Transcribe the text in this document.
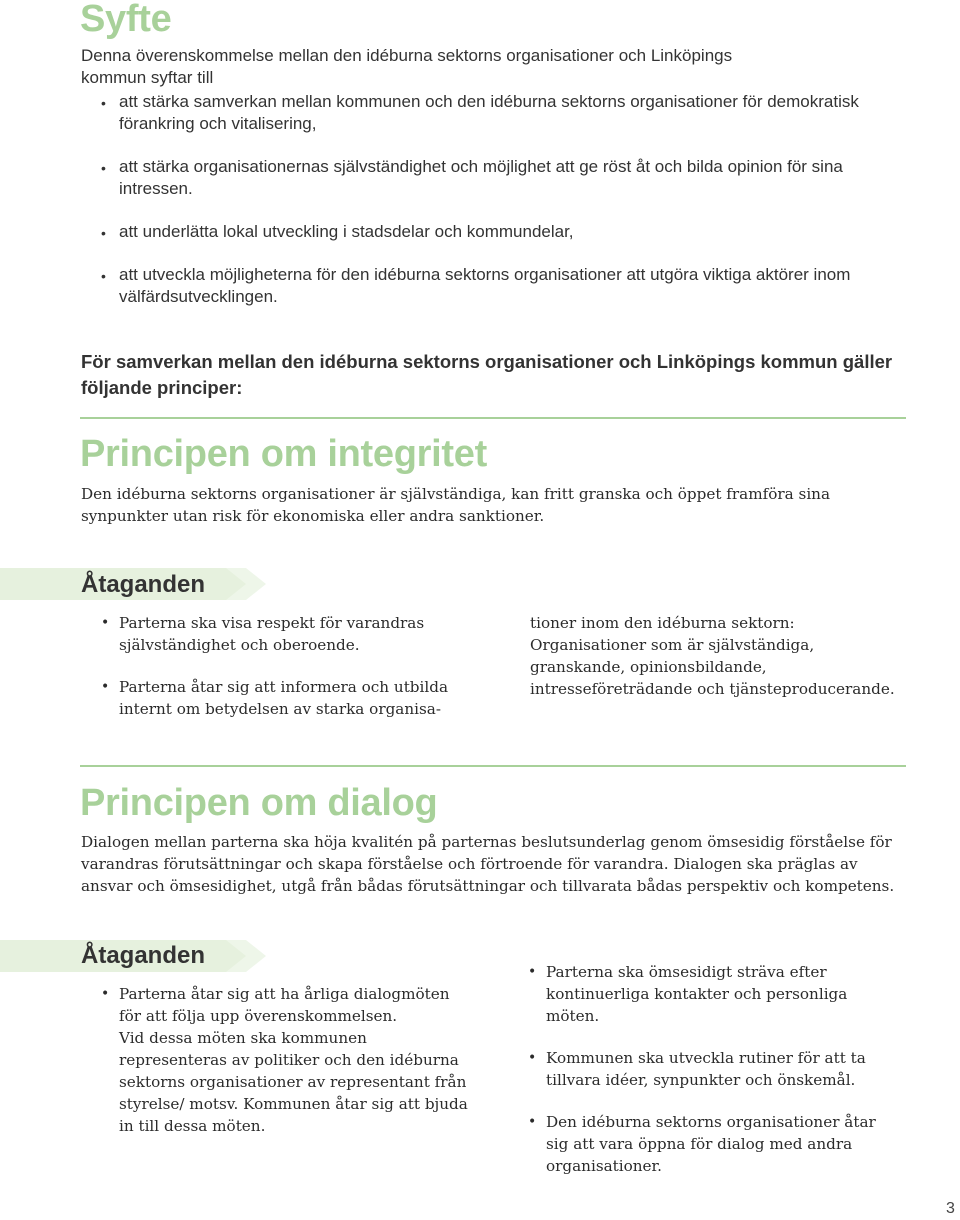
Syfte
Denna överenskommelse mellan den idéburna sektorns organisationer och Linköpings kommun syftar till
• att stärka samverkan mellan kommunen och den idéburna sektorns organisationer för demokratisk förankring och vitalisering,
• att stärka organisationernas självständighet och möjlighet att ge röst åt och bilda opinion för sina intressen.
• att underlätta lokal utveckling i stadsdelar och kommundelar,
• att utveckla möjligheterna för den idéburna sektorns organisationer att utgöra viktiga aktörer inom välfärdsutvecklingen.
För samverkan mellan den idéburna sektorns organisationer och Linköpings kommun gäller följande principer:
Principen om integritet
Den idéburna sektorns organisationer är självständiga, kan fritt granska och öppet framföra sina synpunkter utan risk för ekonomiska eller andra sanktioner.
Åtaganden
• Parterna ska visa respekt för varandras självständighet och oberoende.
• Parterna åtar sig att informera och utbilda internt om betydelsen av starka organisa-
tioner inom den idéburna sektorn: Organisationer som är självständiga, granskande, opinionsbildande, intresseföreträdande och tjänsteproducerande.
Principen om dialog
Dialogen mellan parterna ska höja kvalitén på parternas beslutsunderlag genom ömsesidig förståelse för varandras förutsättningar och skapa förståelse och förtroende för varandra. Dialogen ska präglas av ansvar och ömsesidighet, utgå från bådas förutsättningar och tillvarata bådas perspektiv och kompetens.
Åtaganden
• Parterna åtar sig att ha årliga dialogmöten för att följa upp överenskommelsen.
Vid dessa möten ska kommunen representeras av politiker och den idéburna sektorns organisationer av representant från styrelse/ motsv. Kommunen åtar sig att bjuda in till dessa möten.
• Parterna ska ömsesidigt sträva efter kontinuerliga kontakter och personliga möten.
• Kommunen ska utveckla rutiner för att ta tillvara idéer, synpunkter och önskemål.
• Den idéburna sektorns organisationer åtar sig att vara öppna för dialog med andra organisationer.
3
